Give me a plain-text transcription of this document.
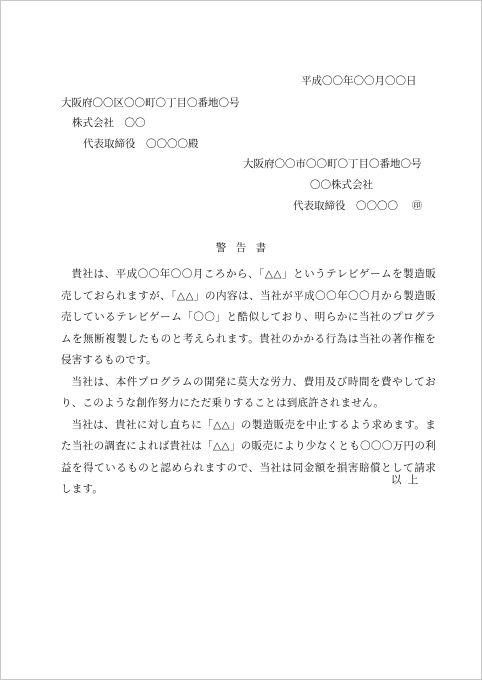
平成〇〇年〇〇月〇〇日
大阪府〇〇区〇〇町〇丁目〇番地〇号
株式会社　〇〇
代表取締役　〇〇〇〇殿
大阪府〇〇市〇〇町〇丁目〇番地〇号
〇〇株式会社
代表取締役　〇〇〇〇 ㊞
警告書

貴社は、平成〇〇年〇〇月ころから、「△△」というテレビゲームを製造販売しておられますが、「△△」の内容は、当社が平成〇〇年〇〇月から製造販売しているテレビゲーム「〇〇」と酷似しており、明らかに当社のプログラムを無断複製したものと考えられます。貴社のかかる行為は当社の著作権を侵害するものです。

当社は、本件プログラムの開発に莫大な労力、費用及び時間を費やしており、このような創作努力にただ乗りすることは到底許されません。

当社は、貴社に対し直ちに「△△」の製造販売を中止するよう求めます。また当社の調査によれば貴社は「△△」の販売により少なくとも〇〇〇万円の利益を得ているものと認められますので、当社は同金額を損害賠償として請求します。

以上
